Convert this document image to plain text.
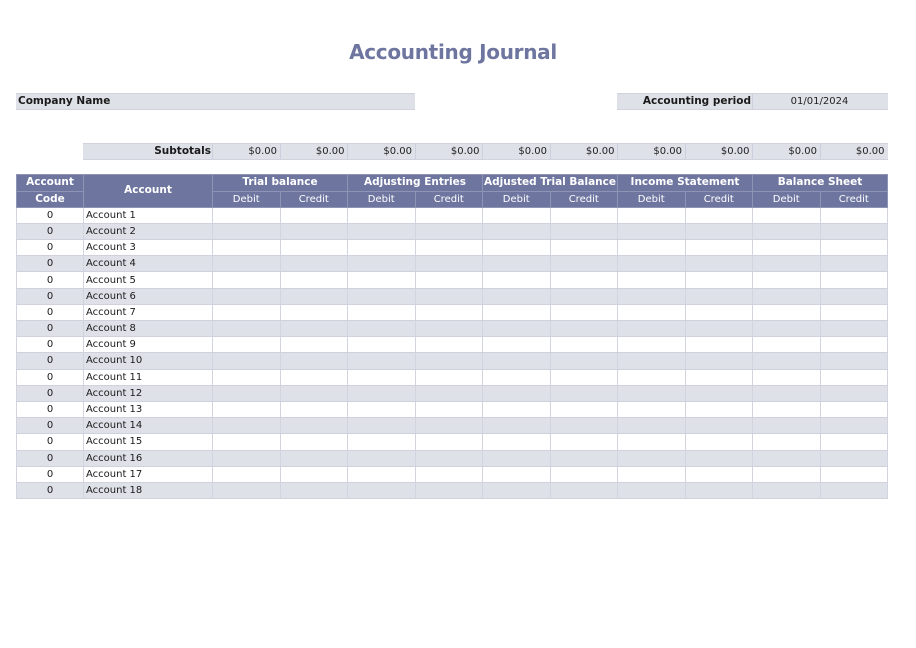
Accounting Journal
Company Name	Accounting period	01/01/2024
Subtotals	$0.00	$0.00	$0.00	$0.00	$0.00	$0.00	$0.00	$0.00	$0.00	$0.00
Account	Account	Trial balance		Adjusting Entries		Adjusted Trial Balance		Income Statement		Balance Sheet	
Code		Debit	Credit	Debit	Credit	Debit	Credit	Debit	Credit	Debit	Credit
0	Account 1										
0	Account 2										
0	Account 3										
0	Account 4										
0	Account 5										
0	Account 6										
0	Account 7										
0	Account 8										
0	Account 9										
0	Account 10										
0	Account 11										
0	Account 12										
0	Account 13										
0	Account 14										
0	Account 15										
0	Account 16										
0	Account 17										
0	Account 18										
